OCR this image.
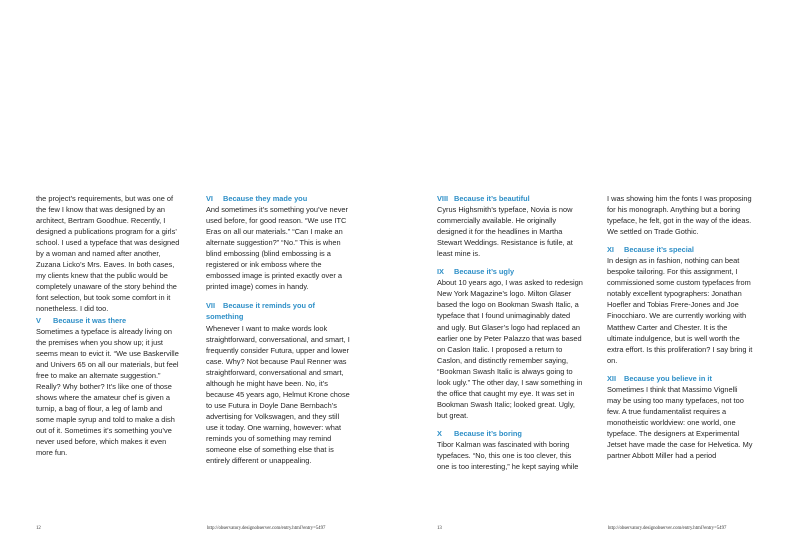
the project’s requirements, but was one of the few I know that was designed by an architect, Bertram Goodhue. Recently, I designed a publications program for a girls’ school. I used a typeface that was designed by a woman and named after another, Zuzana Licko’s Mrs. Eaves. In both cases, my clients knew that the public would be completely unaware of the story behind the font selection, but took some comfort in it nonetheless. I did too.

V Because it was there

Sometimes a typeface is already living on the premises when you show up; it just seems mean to evict it. “We use Baskerville and Univers 65 on all our materials, but feel free to make an alternate suggestion.” Really? Why bother? It’s like one of those shows where the amateur chef is given a turnip, a bag of flour, a leg of lamb and some maple syrup and told to make a dish out of it. Sometimes it’s something you’ve never used before, which makes it even more fun.

VI Because they made you

And sometimes it’s something you’ve never used before, for good reason. “We use ITC Eras on all our materials.” “Can I make an alternate suggestion?” “No.” This is when blind embossing (blind embossing is a registered or ink emboss where the embossed image is printed exactly over a printed image) comes in handy.

VII Because it reminds you of something

Whenever I want to make words look straightforward, conversational, and smart, I frequently consider Futura, upper and lower case. Why? Not because Paul Renner was straightforward, conversational and smart, although he might have been. No, it’s because 45 years ago, Helmut Krone chose to use Futura in Doyle Dane Bernbach’s advertising for Volkswagen, and they still use it today. One warning, however: what reminds you of something may remind someone else of something else that is entirely different or unappealing.

12	http://observatory.designobserver.com/entry.html?entry=5497
VIII Because it’s beautiful

Cyrus Highsmith’s typeface, Novia is now commercially available. He originally designed it for the headlines in Martha Stewart Weddings. Resistance is futile, at least mine is.

IX Because it’s ugly

About 10 years ago, I was asked to redesign New York Magazine’s logo. Milton Glaser based the logo on Bookman Swash Italic, a typeface that I found unimaginably dated and ugly. But Glaser’s logo had replaced an earlier one by Peter Palazzo that was based on Caslon Italic. I proposed a return to Caslon, and distinctly remember saying, “Bookman Swash Italic is always going to look ugly.” The other day, I saw something in the office that caught my eye. It was set in Bookman Swash Italic; looked great. Ugly, but great.

X Because it’s boring

Tibor Kalman was fascinated with boring typefaces. “No, this one is too clever, this one is too interesting,” he kept saying while

I was showing him the fonts I was proposing for his monograph. Anything but a boring typeface, he felt, got in the way of the ideas. We settled on Trade Gothic.

XI Because it’s special

In design as in fashion, nothing can beat bespoke tailoring. For this assignment, I commissioned some custom typefaces from notably excellent typographers: Jonathan Hoefler and Tobias Frere-Jones and Joe Finocchiaro. We are currently working with Matthew Carter and Chester. It is the ultimate indulgence, but is well worth the extra effort. Is this proliferation? I say bring it on.

XII Because you believe in it

Sometimes I think that Massimo Vignelli may be using too many typefaces, not too few. A true fundamentalist requires a monotheistic worldview: one world, one typeface. The designers at Experimental Jetset have made the case for Helvetica. My partner Abbott Miller had a period

13	http://observatory.designobserver.com/entry.html?entry=5497
